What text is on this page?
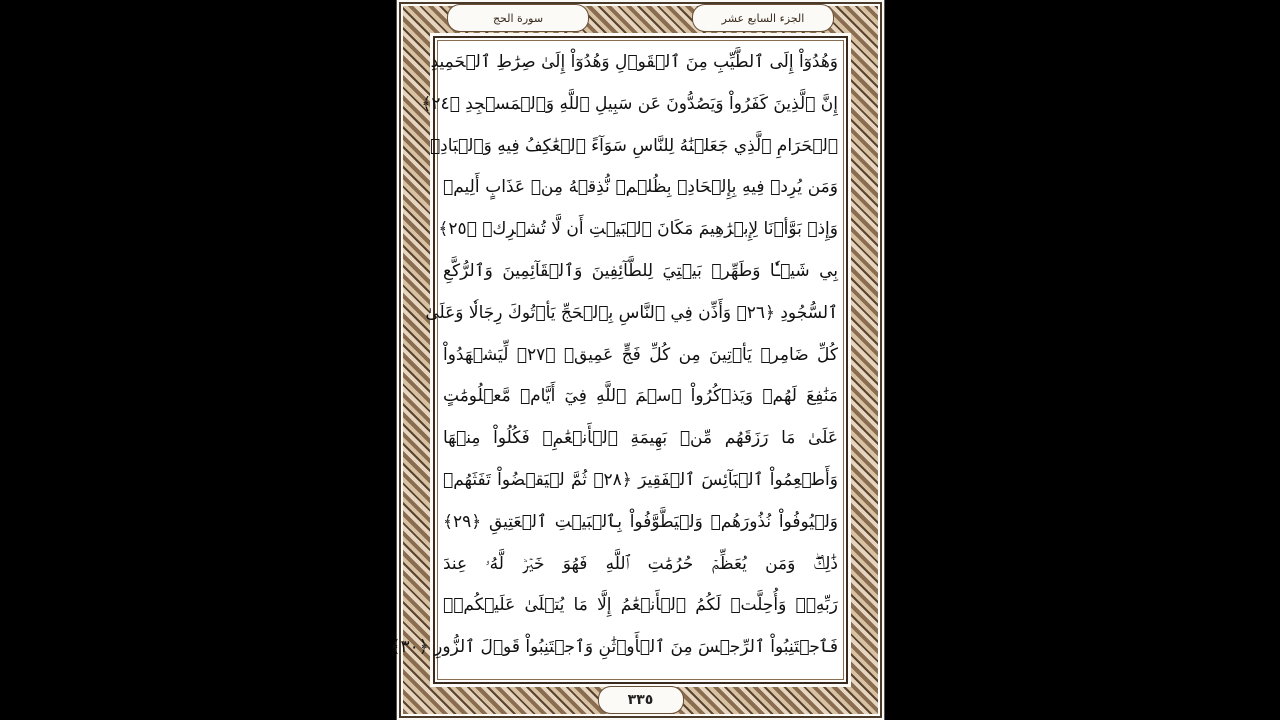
سورة الحج	الجزء السابع عشر
وَهُدُوٓاْ إِلَى ٱلطَّيِّبِ مِنَ ٱلۡقَوۡلِ وَهُدُوٓاْ إِلَىٰ صِرَٰطِ ٱلۡحَمِيدِ
إِنَّ ٱلَّذِينَ كَفَرُواْ وَيَصُدُّونَ عَن سَبِيلِ ٱللَّهِ وَٱلۡمَسۡجِدِ ﴿٢٤﴾
ٱلۡحَرَامِ ٱلَّذِي جَعَلۡنَٰهُ لِلنَّاسِ سَوَآءً ٱلۡعَٰكِفُ فِيهِ وَٱلۡبَادِۚ
وَمَن يُرِدۡ فِيهِ بِإِلۡحَادِۭ بِظُلۡمٖ نُّذِقۡهُ مِنۡ عَذَابٍ أَلِيمٖ
وَإِذۡ بَوَّأۡنَا لِإِبۡرَٰهِيمَ مَكَانَ ٱلۡبَيۡتِ أَن لَّا تُشۡرِكۡ ﴿٢٥﴾
بِي شَيۡـٔٗا وَطَهِّرۡ بَيۡتِيَ لِلطَّآئِفِينَ وَٱلۡقَآئِمِينَ وَٱلرُّكَّعِ
ٱلسُّجُودِ ﴿٢٦﴾ وَأَذِّن فِي ٱلنَّاسِ بِٱلۡحَجِّ يَأۡتُوكَ رِجَالٗا وَعَلَىٰ
كُلِّ ضَامِرٖ يَأۡتِينَ مِن كُلِّ فَجٍّ عَمِيقٖ ﴿٢٧﴾ لِّيَشۡهَدُواْ
مَنَٰفِعَ لَهُمۡ وَيَذۡكُرُواْ ٱسۡمَ ٱللَّهِ فِيٓ أَيَّامٖ مَّعۡلُومَٰتٍ
عَلَىٰ مَا رَزَقَهُم مِّنۢ بَهِيمَةِ ٱلۡأَنۡعَٰمِۖ فَكُلُواْ مِنۡهَا
وَأَطۡعِمُواْ ٱلۡبَآئِسَ ٱلۡفَقِيرَ ﴿٢٨﴾ ثُمَّ لۡيَقۡضُواْ تَفَثَهُمۡ
وَلۡيُوفُواْ نُذُورَهُمۡ وَلۡيَطَّوَّفُواْ بِٱلۡبَيۡتِ ٱلۡعَتِيقِ ﴿٢٩﴾
ذَٰلِكَۖ وَمَن يُعَظِّمۡ حُرُمَٰتِ ٱللَّهِ فَهُوَ خَيۡرٞ لَّهُۥ عِندَ
رَبِّهِۦۗ وَأُحِلَّتۡ لَكُمُ ٱلۡأَنۡعَٰمُ إِلَّا مَا يُتۡلَىٰ عَلَيۡكُمۡۖ
فَٱجۡتَنِبُواْ ٱلرِّجۡسَ مِنَ ٱلۡأَوۡثَٰنِ وَٱجۡتَنِبُواْ قَوۡلَ ٱلزُّورِ ﴿٣٠﴾
٣٣٥
